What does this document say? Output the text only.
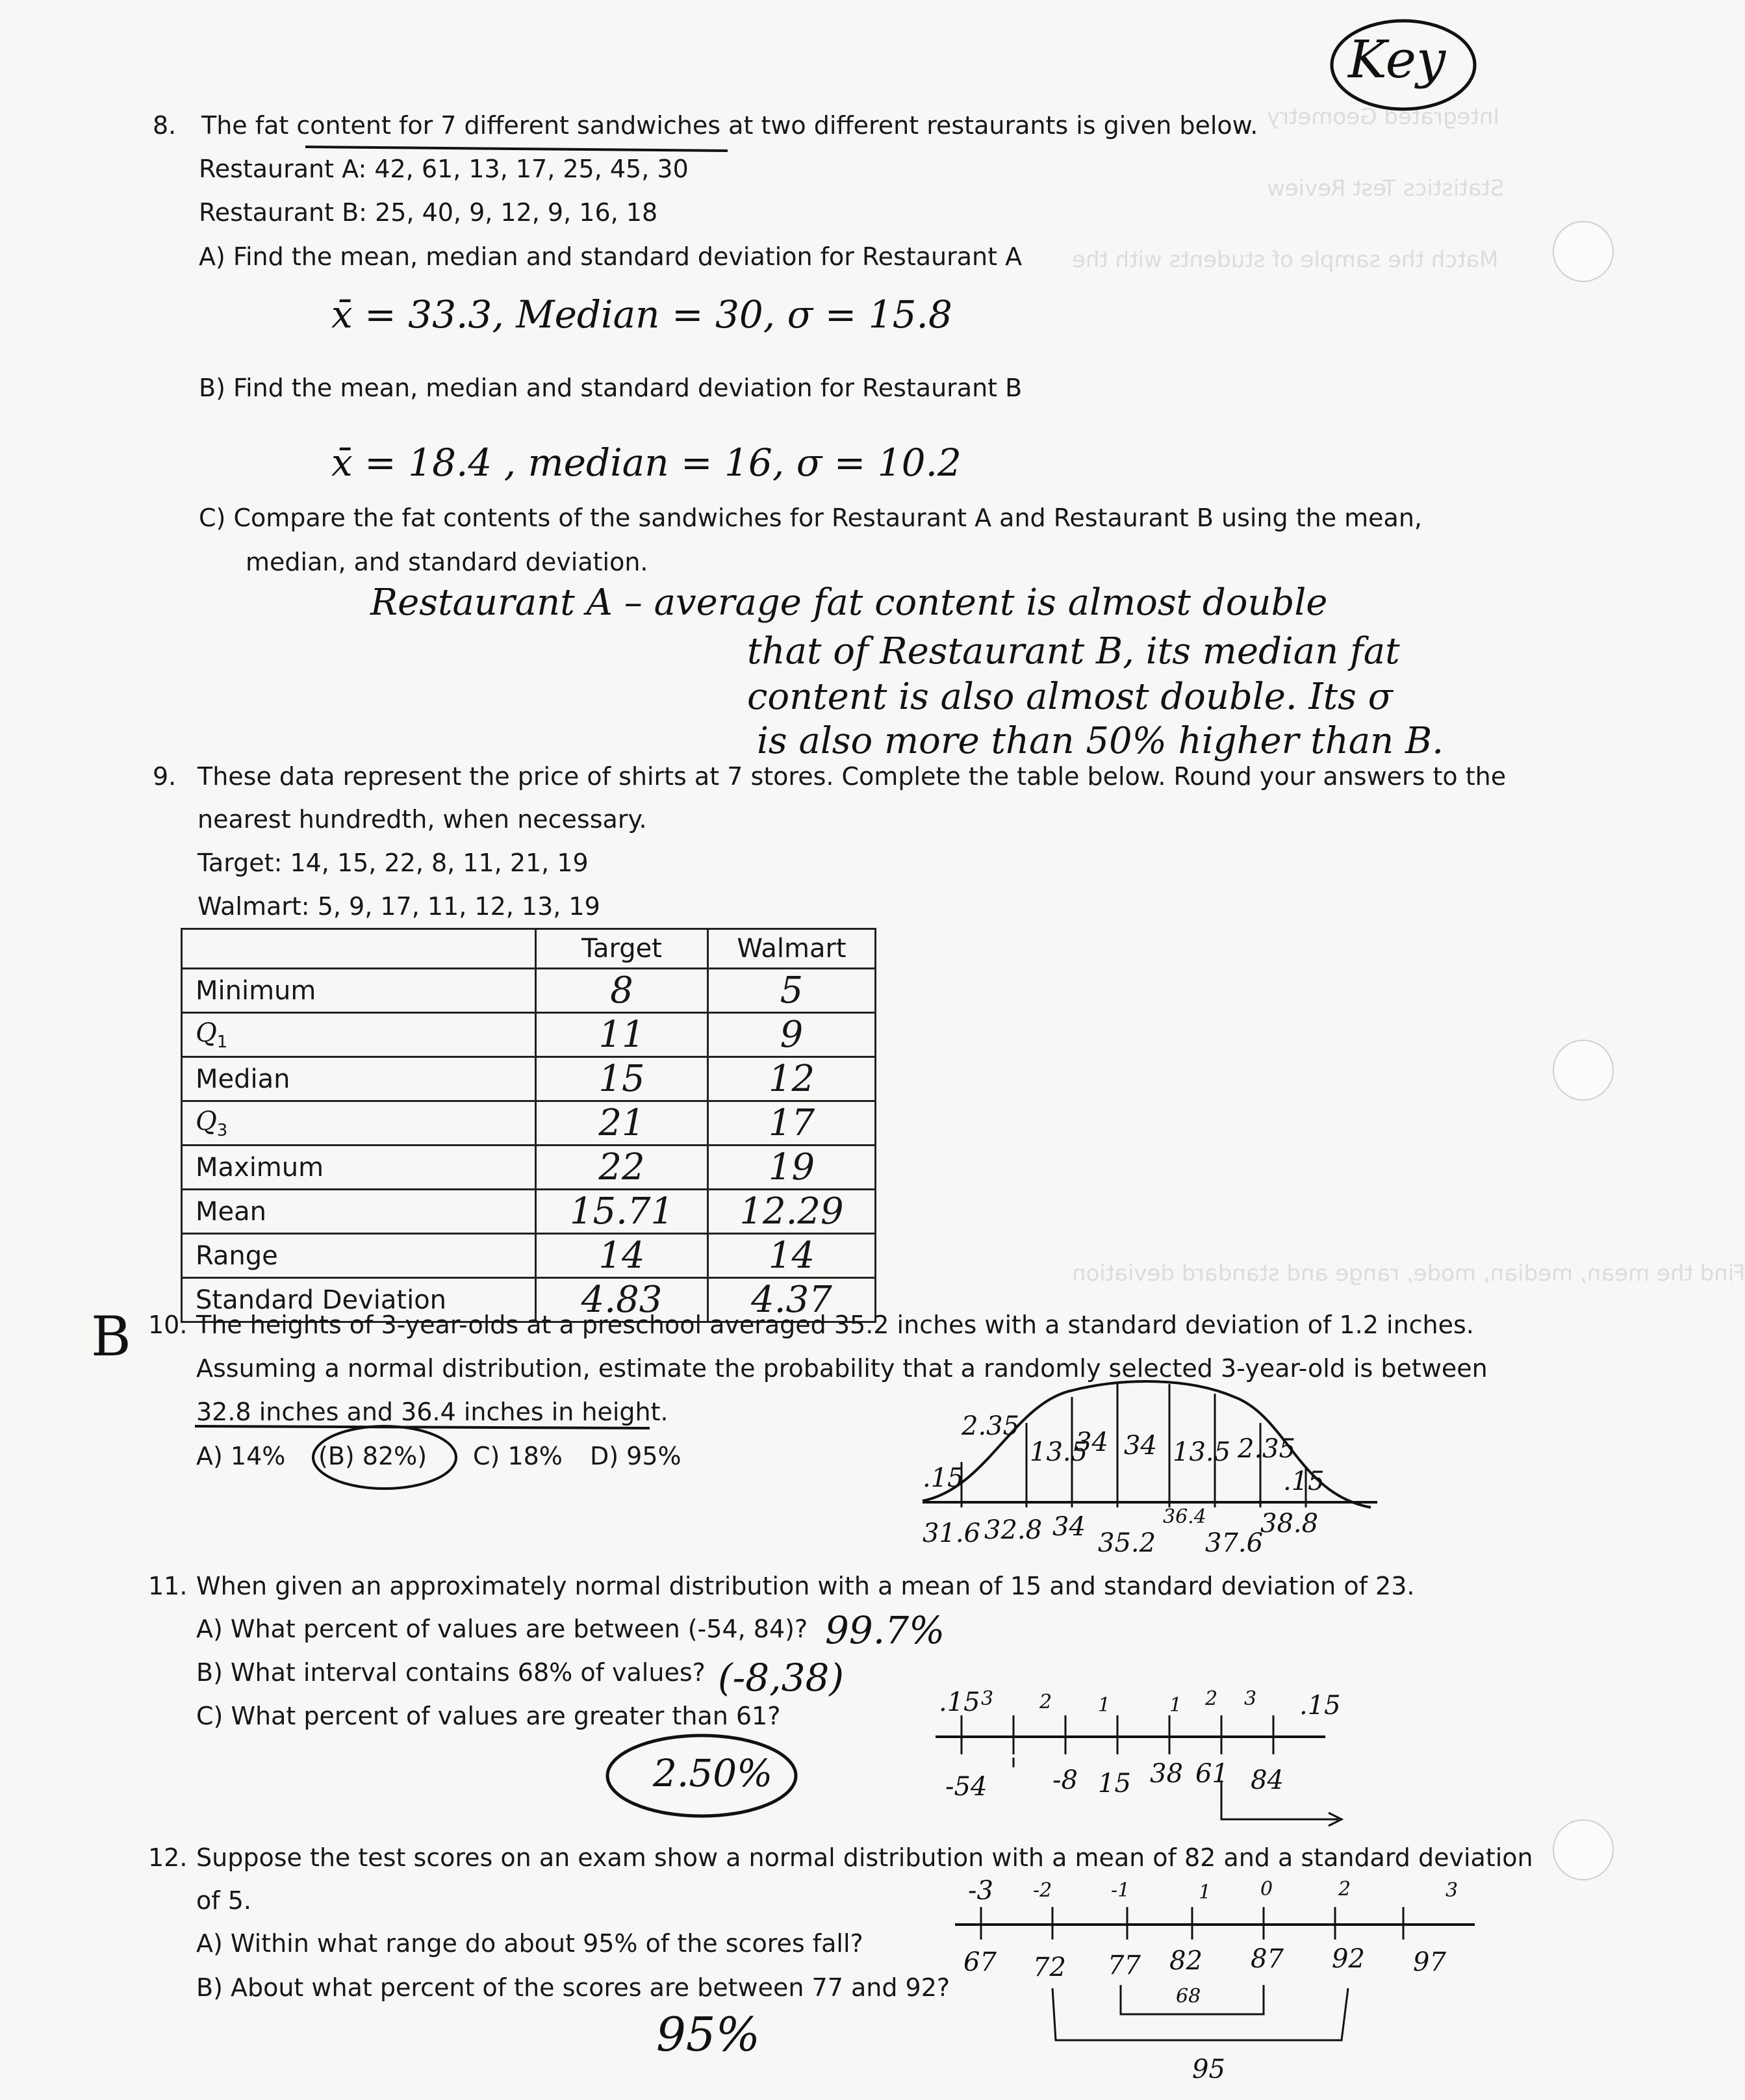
Integrated Geometry
Statistics Test Review
Match the sample of students with the
Find the mean, median, mode, range and standard deviation
Key
8. The fat content for 7 different sandwiches at two different restaurants is given below.
Restaurant A: 42, 61, 13, 17, 25, 45, 30
Restaurant B: 25, 40, 9, 12, 9, 16, 18
A) Find the mean, median and standard deviation for Restaurant A
x̄ = 33.3, Median = 30, σ = 15.8
B) Find the mean, median and standard deviation for Restaurant B
x̄ = 18.4 , median = 16, σ = 10.2
C) Compare the fat contents of the sandwiches for Restaurant A and Restaurant B using the mean,
median, and standard deviation.
Restaurant A – average fat content is almost double
that of Restaurant B, its median fat
content is also almost double. Its σ
is also more than 50% higher than B.
9. These data represent the price of shirts at 7 stores. Complete the table below. Round your answers to the
nearest hundredth, when necessary.
Target: 14, 15, 22, 8, 11, 21, 19
Walmart: 5, 9, 17, 11, 12, 13, 19
	Target	Walmart
Minimum	8	5

$Q_1$	11	9

Median	15	12

$Q_3$	21	17

Maximum	22	19

Mean	15.71	12.29

Range	14	14

Standard Deviation	4.83	4.37
B 10. The heights of 3-year-olds at a preschool averaged 35.2 inches with a standard deviation of 1.2 inches.
Assuming a normal distribution, estimate the probability that a randomly selected 3-year-old is between
32.8 inches and 36.4 inches in height.
A) 14% (B) 82%) C) 18% D) 95%
.15
2.35
13.5
34 34 13.5 2.35
.15
31.6 32.8 34
35.2
36.4
37.6
38.8
11. When given an approximately normal distribution with a mean of 15 and standard deviation of 23.
A) What percent of values are between (-54, 84)? 99.7%
B) What interval contains 68% of values? (-8,38)
C) What percent of values are greater than 61?
2.50%
.15 3 2 1	1 2 3 .15
-54	-8 15 38 61 84
12. Suppose the test scores on an exam show a normal distribution with a mean of 82 and a standard deviation
of 5.
A) Within what range do about 95% of the scores fall?
B) About what percent of the scores are between 77 and 92?
95%
-3 -2	-1	0
1	2	3
67 72 77 82 87 92 97
68
95
